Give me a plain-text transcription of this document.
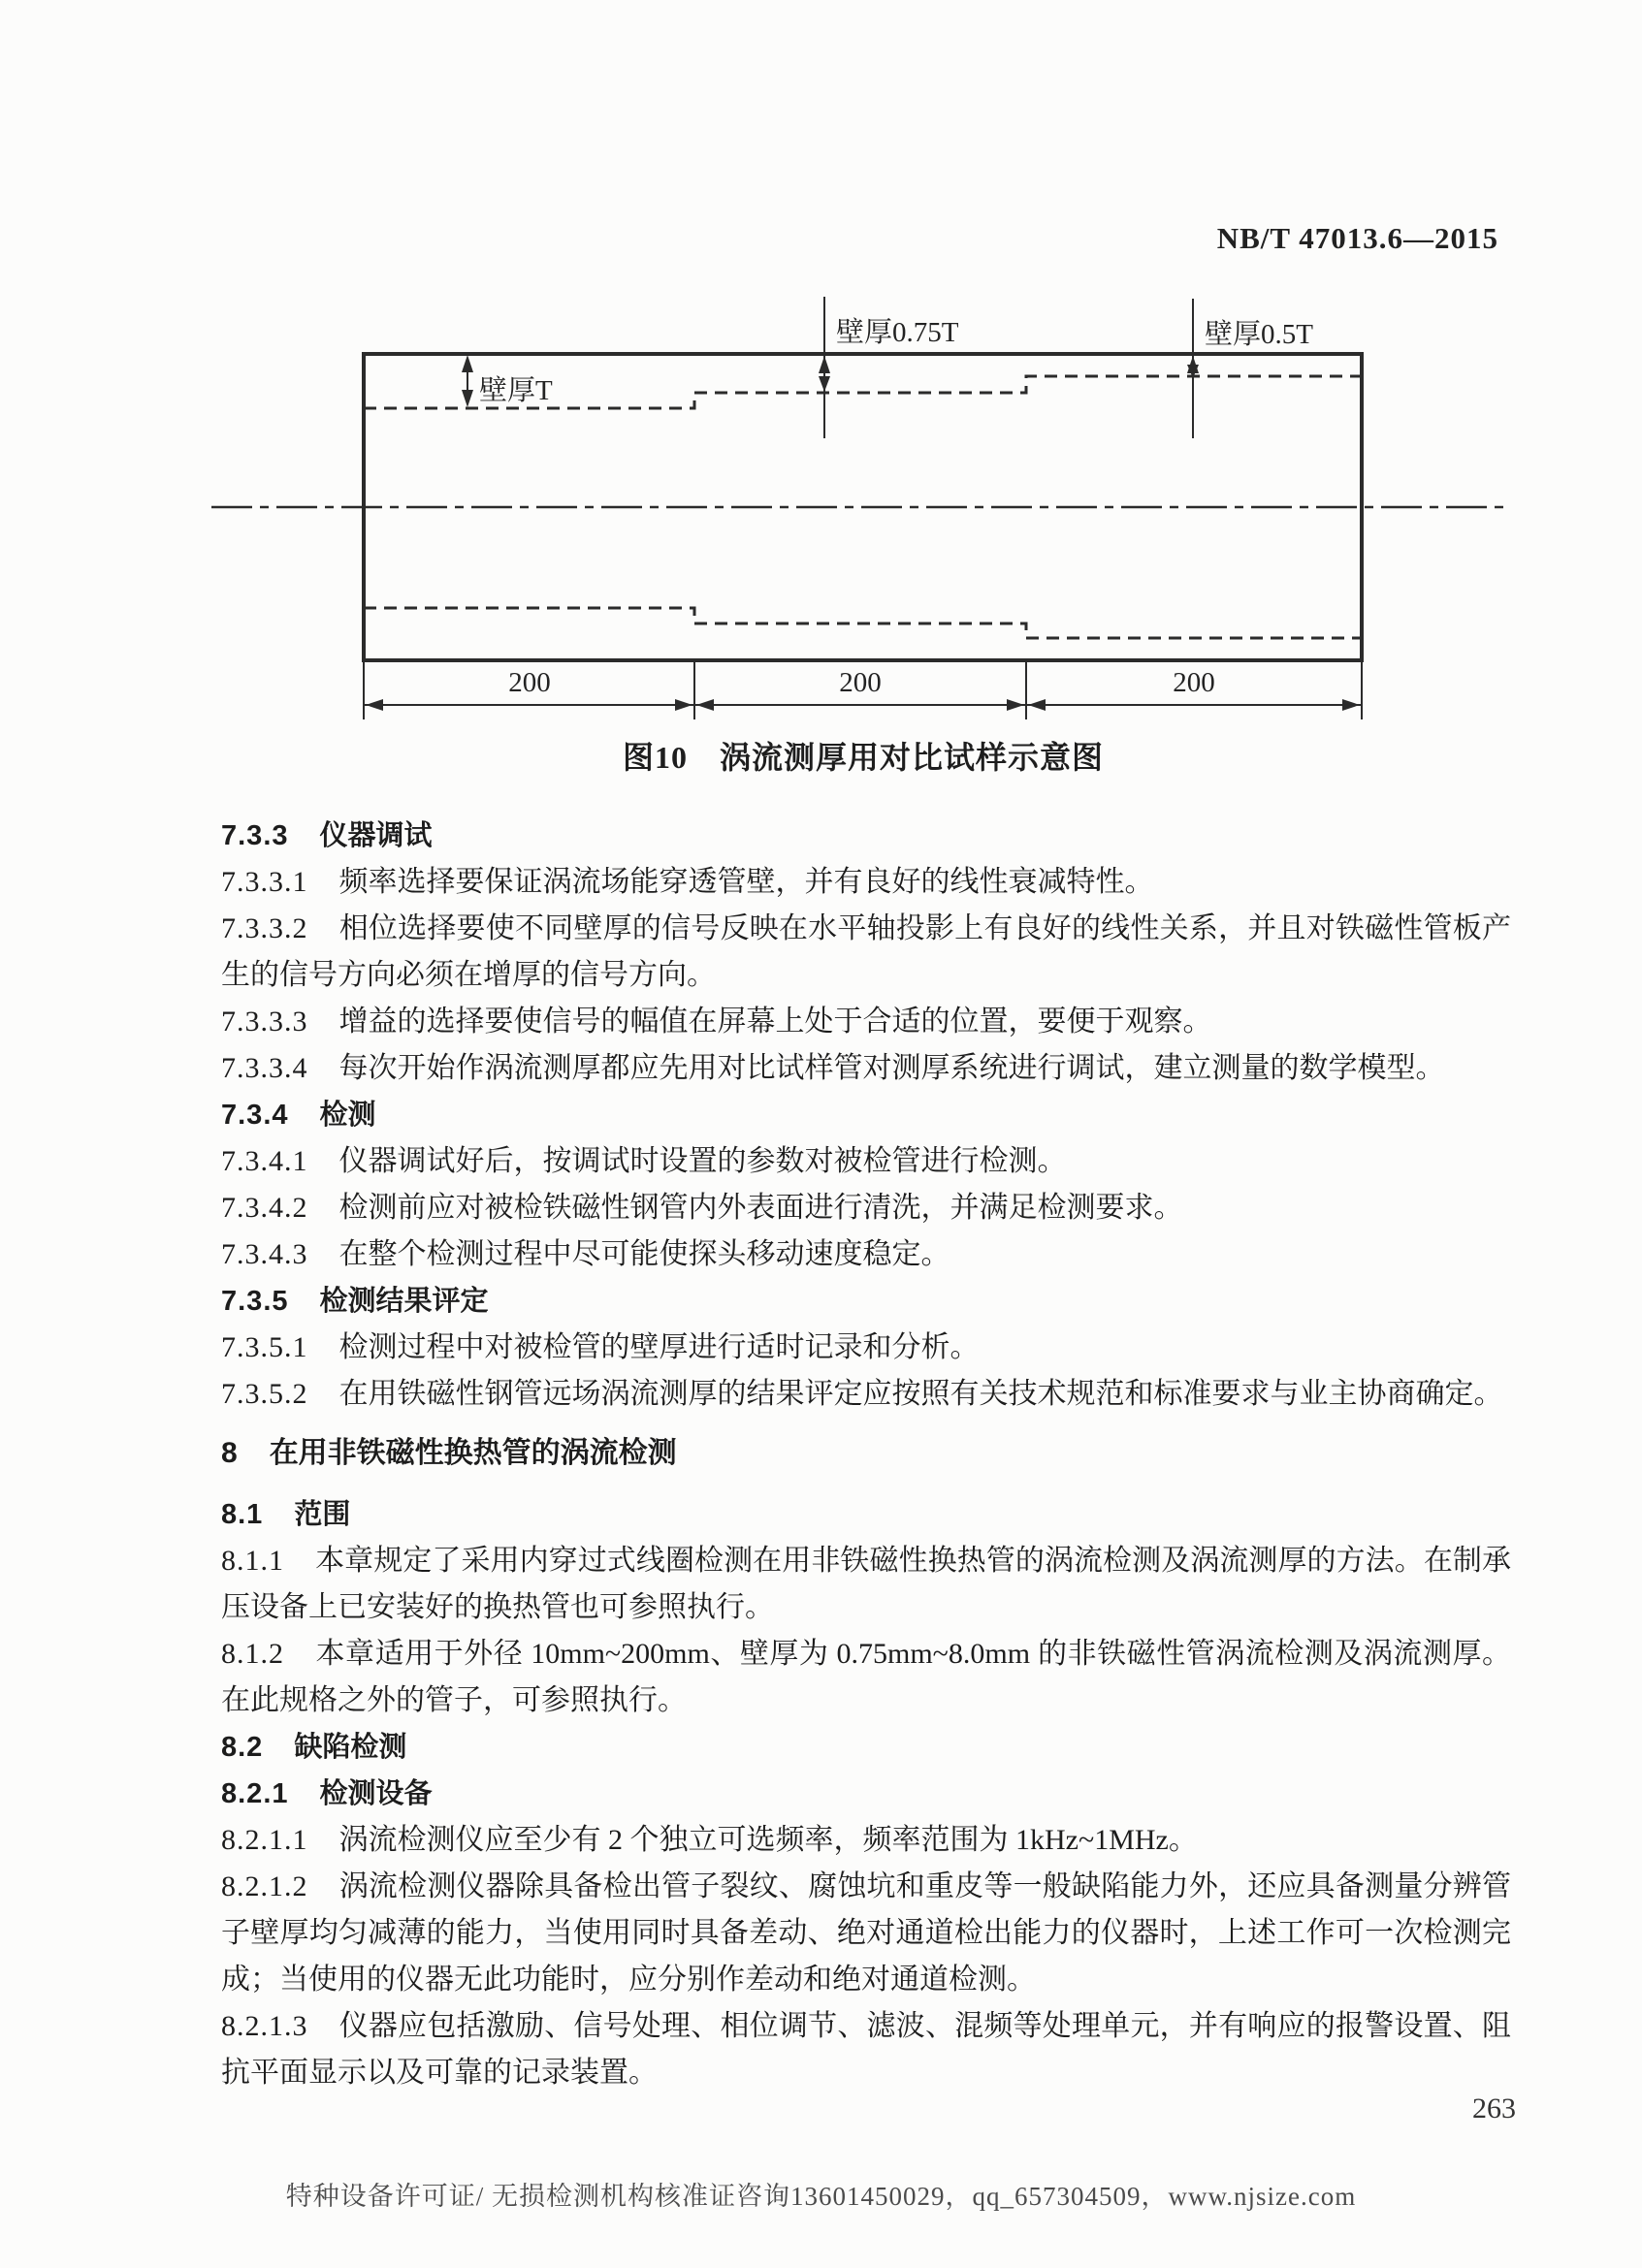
NB/T 47013.6—2015
壁厚T
壁厚0.75T	壁厚0.5T
200	200	200
图10　涡流测厚用对比试样示意图

7.3.3 仪器调试

7.3.3.1 频率选择要保证涡流场能穿透管壁，并有良好的线性衰减特性。

7.3.3.2 相位选择要使不同壁厚的信号反映在水平轴投影上有良好的线性关系，并且对铁磁性管板产生的信号方向必须在增厚的信号方向。

7.3.3.3 增益的选择要使信号的幅值在屏幕上处于合适的位置，要便于观察。

7.3.3.4 每次开始作涡流测厚都应先用对比试样管对测厚系统进行调试，建立测量的数学模型。

7.3.4 检测

7.3.4.1 仪器调试好后，按调试时设置的参数对被检管进行检测。

7.3.4.2 检测前应对被检铁磁性钢管内外表面进行清洗，并满足检测要求。

7.3.4.3 在整个检测过程中尽可能使探头移动速度稳定。

7.3.5 检测结果评定

7.3.5.1 检测过程中对被检管的壁厚进行适时记录和分析。

7.3.5.2 在用铁磁性钢管远场涡流测厚的结果评定应按照有关技术规范和标准要求与业主协商确定。

8 在用非铁磁性换热管的涡流检测

8.1 范围

8.1.1 本章规定了采用内穿过式线圈检测在用非铁磁性换热管的涡流检测及涡流测厚的方法。在制承压设备上已安装好的换热管也可参照执行。

8.1.2 本章适用于外径 10mm~200mm、壁厚为 0.75mm~8.0mm 的非铁磁性管涡流检测及涡流测厚。在此规格之外的管子，可参照执行。

8.2 缺陷检测

8.2.1 检测设备

8.2.1.1 涡流检测仪应至少有 2 个独立可选频率，频率范围为 1kHz~1MHz。

8.2.1.2 涡流检测仪器除具备检出管子裂纹、腐蚀坑和重皮等一般缺陷能力外，还应具备测量分辨管子壁厚均匀减薄的能力，当使用同时具备差动、绝对通道检出能力的仪器时，上述工作可一次检测完成；当使用的仪器无此功能时，应分别作差动和绝对通道检测。

8.2.1.3 仪器应包括激励、信号处理、相位调节、滤波、混频等处理单元，并有响应的报警设置、阻抗平面显示以及可靠的记录装置。

263
特种设备许可证/ 无损检测机构核准证咨询13601450029，qq_657304509，www.njsize.com
